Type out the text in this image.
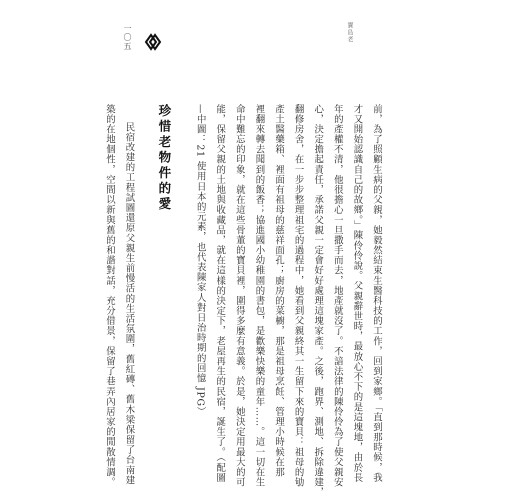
寶島老
一〇五
前，為了照顧生病的父親，她毅然結束生醫科技的工作，回到家鄉。「直到那時候，我
才又開始認識自己的故鄉。」陳伶伶說。父親辭世時，最放心不下的是這塊地，由於長
年的產權不清，他很擔心一旦撒手而去，地產就沒了。不諳法律的陳伶伶為了使父親安
心，決定擔起責任，承諾父親一定會好好處理這塊家產。之後，跑界、測地、拆除違建，
翻修房舍，在一步步整理祖宅的過程中，她看到父親終其一生留下來的寶貝：祖母的劬
產土醫藥箱、裡面有祖母的慈祥面孔；廚房的菜櫥，那是祖母烹飪、管理小時候在那
裡翻來轉去聞到的飯香；協進國小幼稚園的書包，是歡樂快樂的童年……。這一切在生
命中難忘的印象，就在這些骨董的寶貝裡，圍得多麼有意義。於是，她決定用最大的可
能，保留父親的土地與收藏品，就在這樣的決定下，老屋再生的民宿，誕生了。（配圖
—中圖：21 使用日本的元素，也代表陳家人對日治時期的回憶 JPG）
珍惜老物件的愛
民宿改建的工程試圖還原父親生前慢活的生活氛圍，舊紅磚、舊木梁保留了台南建
築的在地個性，空間以新與舊的和諧對話，充分借景，保留了巷弄內居家的閒散情調。
